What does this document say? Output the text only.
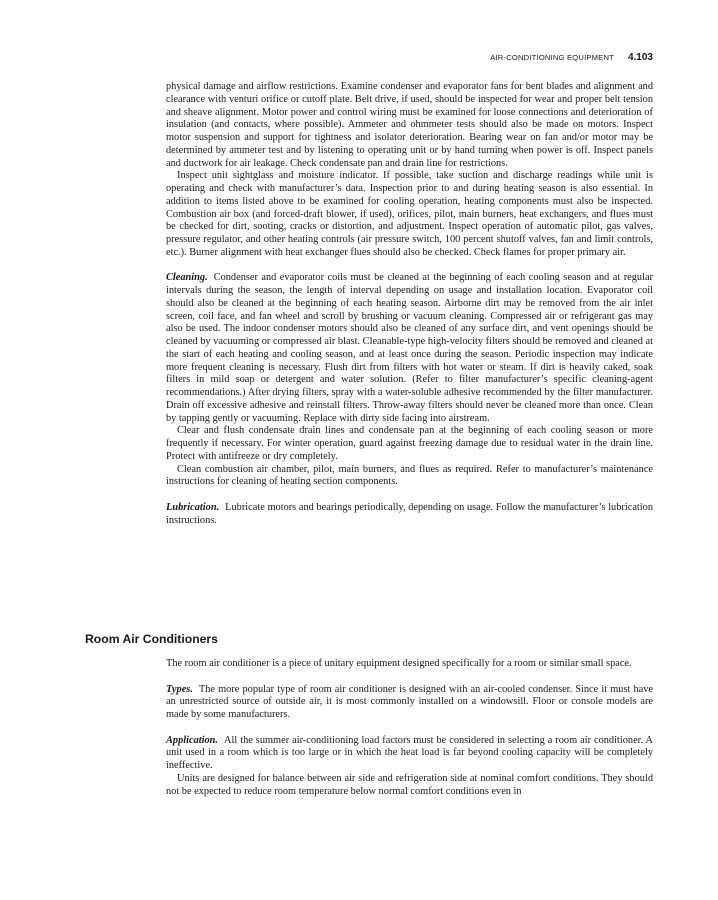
AIR-CONDITIONING EQUIPMENT 4.103

physical damage and airflow restrictions. Examine condenser and evaporator fans for bent blades and alignment and clearance with venturi orifice or cutoff plate. Belt drive, if used, should be inspected for wear and proper belt tension and sheave alignment. Motor power and control wiring must be examined for loose connections and deterioration of insulation (and contacts, where possible). Ammeter and ohmmeter tests should also be made on motors. Inspect motor suspension and support for tightness and isolator deterioration. Bearing wear on fan and/or motor may be determined by ammeter test and by listening to operating unit or by hand turning when power is off. Inspect panels and ductwork for air leakage. Check condensate pan and drain line for restrictions.

Inspect unit sightglass and moisture indicator. If possible, take suction and discharge readings while unit is operating and check with manufacturer’s data. Inspection prior to and during heating season is also essential. In addition to items listed above to be examined for cooling operation, heating components must also be inspected. Combustion air box (and forced-draft blower, if used), orifices, pilot, main burners, heat exchangers, and flues must be checked for dirt, sooting, cracks or distortion, and adjustment. Inspect operation of automatic pilot, gas valves, pressure regulator, and other heating controls (air pressure switch, 100 percent shutoff valves, fan and limit controls, etc.). Burner alignment with heat exchanger flues should also be checked. Check flames for proper primary air.

Cleaning. Condenser and evaporator coils must be cleaned at the beginning of each cooling season and at regular intervals during the season, the length of interval depending on usage and installation location. Evaporator coil should also be cleaned at the beginning of each heating season. Airborne dirt may be removed from the air inlet screen, coil face, and fan wheel and scroll by brushing or vacuum cleaning. Compressed air or refrigerant gas may also be used. The indoor condenser motors should also be cleaned of any surface dirt, and vent openings should be cleaned by vacuuming or compressed air blast. Cleanable-type high-velocity filters should be removed and cleaned at the start of each heating and cooling season, and at least once during the season. Periodic inspection may indicate more frequent cleaning is necessary. Flush dirt from filters with hot water or steam. If dirt is heavily caked, soak filters in mild soap or detergent and water solution. (Refer to filter manufacturer’s specific cleaning-agent recommendations.) After drying filters, spray with a water-soluble adhesive recommended by the filter manufacturer. Drain off excessive adhesive and reinstall filters. Throw-away filters should never be cleaned more than once. Clean by tapping gently or vacuuming. Replace with dirty side facing into airstream.

Clear and flush condensate drain lines and condensate pan at the beginning of each cooling season or more frequently if necessary. For winter operation, guard against freezing damage due to residual water in the drain line. Protect with antifreeze or dry completely.

Clean combustion air chamber, pilot, main burners, and flues as required. Refer to manufacturer’s maintenance instructions for cleaning of heating section components.

Lubrication. Lubricate motors and bearings periodically, depending on usage. Follow the manufacturer’s lubrication instructions.

Room Air Conditioners

The room air conditioner is a piece of unitary equipment designed specifically for a room or similar small space.

Types. The more popular type of room air conditioner is designed with an air-cooled condenser. Since it must have an unrestricted source of outside air, it is most commonly installed on a windowsill. Floor or console models are made by some manufacturers.

Application. All the summer air-conditioning load factors must be considered in selecting a room air conditioner. A unit used in a room which is too large or in which the heat load is far beyond cooling capacity will be completely ineffective.

Units are designed for balance between air side and refrigeration side at nominal comfort conditions. They should not be expected to reduce room temperature below normal comfort conditions even in
